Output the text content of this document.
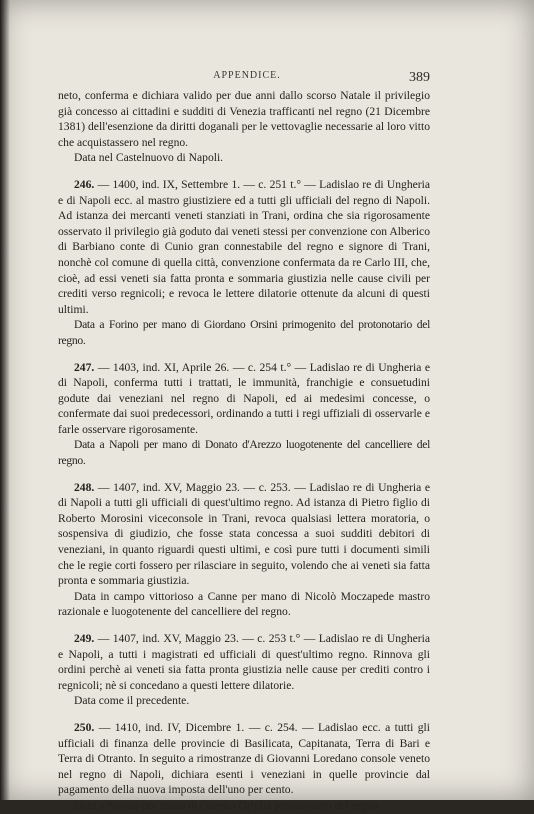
APPENDICE.	389

neto, conferma e dichiara valido per due anni dallo scorso Natale il privilegio già concesso ai cittadini e sudditi di Venezia trafficanti nel regno (21 Dicembre 1381) dell'esenzione da diritti doganali per le vettovaglie necessarie al loro vitto che acquistassero nel regno.

Data nel Castelnuovo di Napoli.

246. — 1400, ind. IX, Settembre 1. — c. 251 t.° — Ladislao re di Ungheria e di Napoli ecc. al mastro giustiziere ed a tutti gli ufficiali del regno di Napoli. Ad istanza dei mercanti veneti stanziati in Trani, ordina che sia rigorosamente osservato il privilegio già goduto dai veneti stessi per convenzione con Alberico di Barbiano conte di Cunio gran connestabile del regno e signore di Trani, nonchè col comune di quella città, convenzione confermata da re Carlo III, che, cioè, ad essi veneti sia fatta pronta e sommaria giustizia nelle cause civili per crediti verso regnicoli; e revoca le lettere dilatorie ottenute da alcuni di questi ultimi.

Data a Forino per mano di Giordano Orsini primogenito del protonotario del regno.

247. — 1403, ind. XI, Aprile 26. — c. 254 t.° — Ladislao re di Ungheria e di Napoli, conferma tutti i trattati, le immunità, franchigie e consuetudini godute dai veneziani nel regno di Napoli, ed ai medesimi concesse, o confermate dai suoi predecessori, ordinando a tutti i regi uffiziali di osservarle e farle osservare rigorosamente.

Data a Napoli per mano di Donato d'Arezzo luogotenente del cancelliere del regno.

248. — 1407, ind. XV, Maggio 23. — c. 253. — Ladislao re di Ungheria e di Napoli a tutti gli ufficiali di quest'ultimo regno. Ad istanza di Pietro figlio di Roberto Morosini viceconsole in Trani, revoca qualsiasi lettera moratoria, o sospensiva di giudizio, che fosse stata concessa a suoi sudditi debitori di veneziani, in quanto riguardi questi ultimi, e così pure tutti i documenti simili che le regie corti fossero per rilasciare in seguito, volendo che ai veneti sia fatta pronta e sommaria giustizia.

Data in campo vittorioso a Canne per mano di Nicolò Moczapede mastro razionale e luogotenente del cancelliere del regno.

249. — 1407, ind. XV, Maggio 23. — c. 253 t.° — Ladislao re di Ungheria e Napoli, a tutti i magistrati ed ufficiali di quest'ultimo regno. Rinnova gli ordini perchè ai veneti sia fatta pronta giustizia nelle cause per crediti contro i regnicoli; nè si concedano a questi lettere dilatorie.

Data come il precedente.

250. — 1410, ind. IV, Dicembre 1. — c. 254. — Ladislao ecc. a tutti gli ufficiali di finanza delle provincie di Basilicata, Capitanata, Terra di Bari e Terra di Otranto. In seguito a rimostranze di Giovanni Loredano console veneto nel regno di Napoli, dichiara esenti i veneziani in quelle provincie dal pagamento della nuova imposta dell'uno per cento.

Dato a Napoli per mano di Gurello Origlia protonotario del regno.
